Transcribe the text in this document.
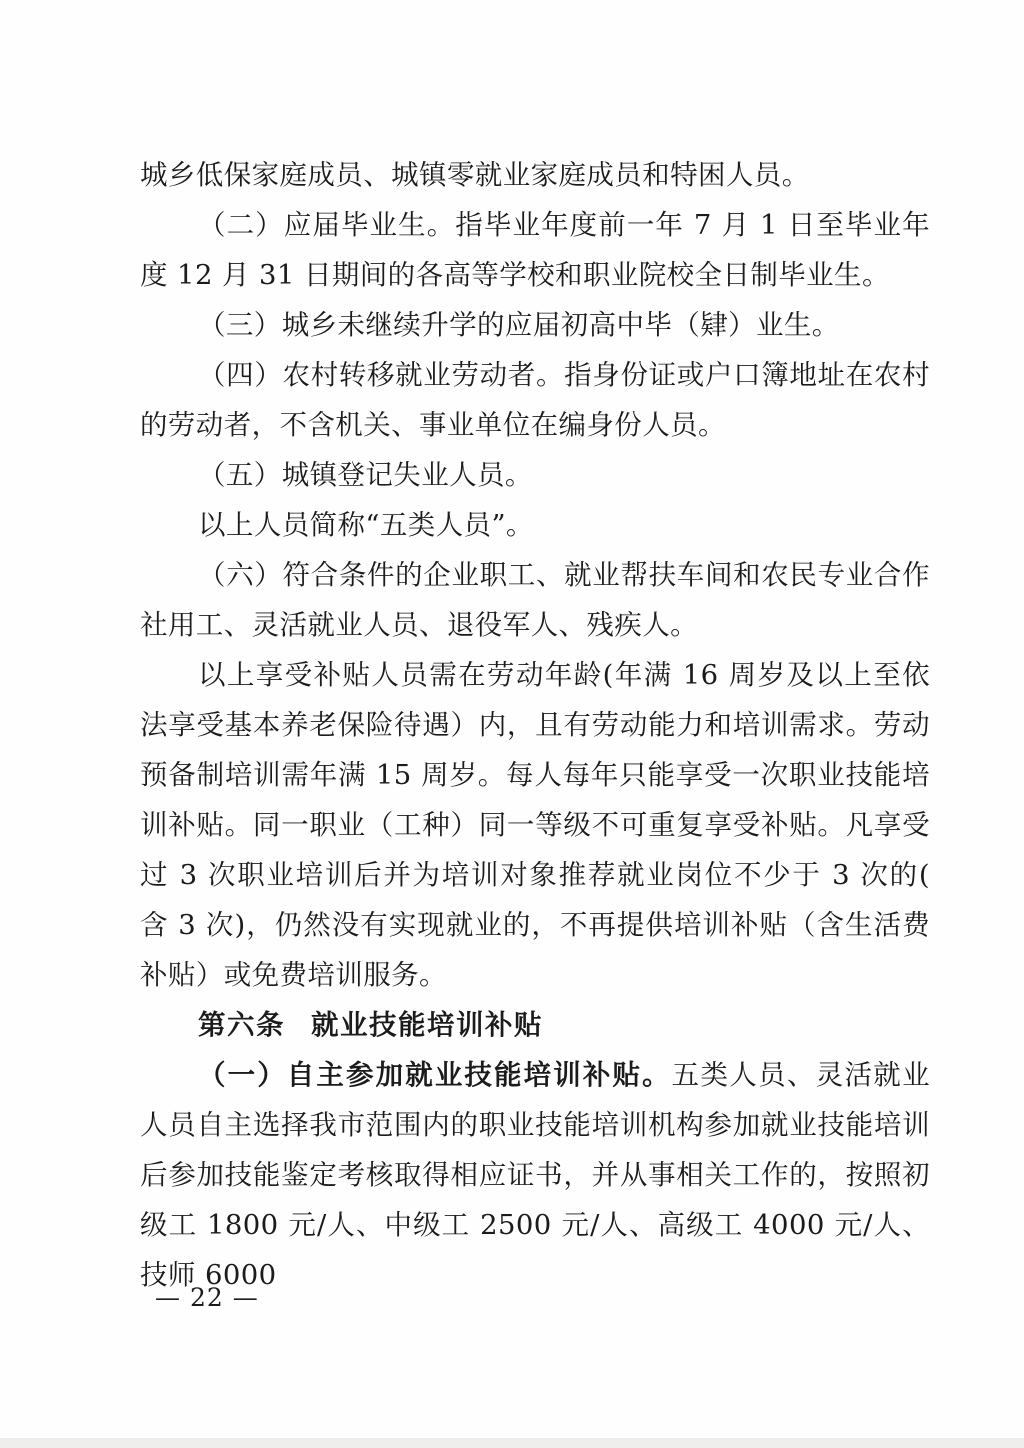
城乡低保家庭成员、城镇零就业家庭成员和特困人员。

（二）应届毕业生。指毕业年度前一年 7 月 1 日至毕业年度 12 月 31 日期间的各高等学校和职业院校全日制毕业生。

（三）城乡未继续升学的应届初高中毕（肄）业生。

（四）农村转移就业劳动者。指身份证或户口簿地址在农村的劳动者，不含机关、事业单位在编身份人员。

（五）城镇登记失业人员。

以上人员简称“五类人员”。

（六）符合条件的企业职工、就业帮扶车间和农民专业合作社用工、灵活就业人员、退役军人、残疾人。

以上享受补贴人员需在劳动年龄(年满 16 周岁及以上至依法享受基本养老保险待遇）内，且有劳动能力和培训需求。劳动预备制培训需年满 15 周岁。每人每年只能享受一次职业技能培训补贴。同一职业（工种）同一等级不可重复享受补贴。凡享受过 3 次职业培训后并为培训对象推荐就业岗位不少于 3 次的( 含 3 次)，仍然没有实现就业的，不再提供培训补贴（含生活费补贴）或免费培训服务。

第六条 就业技能培训补贴

（一）自主参加就业技能培训补贴。五类人员、灵活就业人员自主选择我市范围内的职业技能培训机构参加就业技能培训后参加技能鉴定考核取得相应证书，并从事相关工作的，按照初级工 1800 元/人、中级工 2500 元/人、高级工 4000 元/人、技师 6000

— 22 —
